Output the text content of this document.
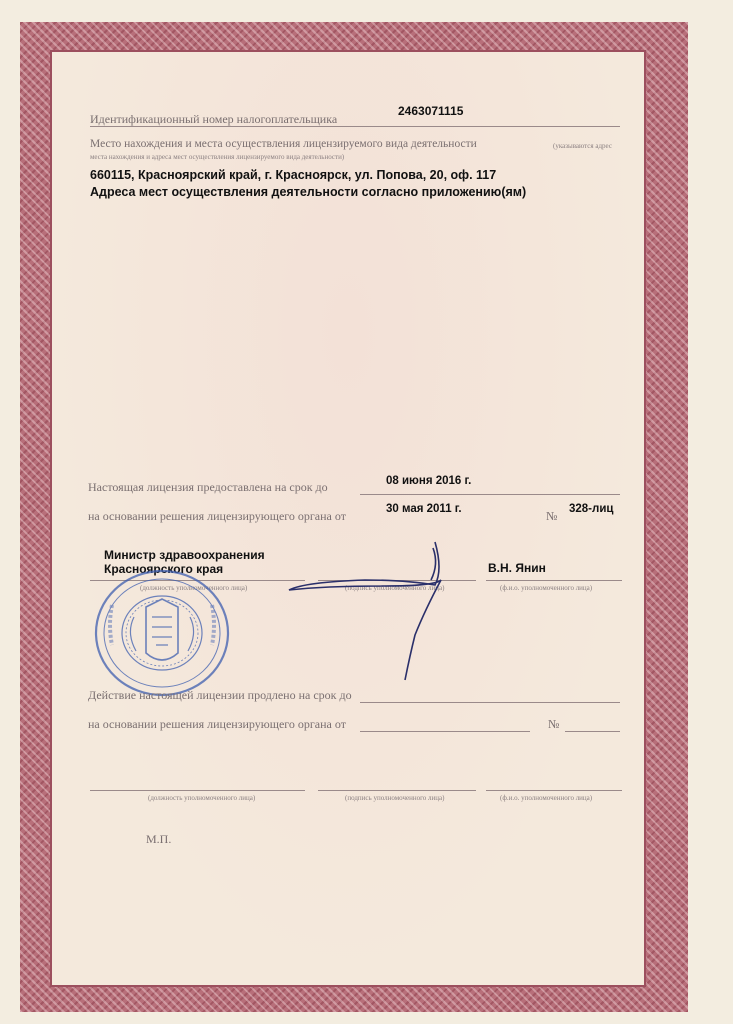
Идентификационный номер налогоплательщика
2463071115
Место нахождения и места осуществления лицензируемого вида деятельности	(указываются адрес
места нахождения и адреса мест осуществления лицензируемого вида деятельности)
660115, Красноярский край, г. Красноярск, ул. Попова, 20, оф. 117
Адреса мест осуществления деятельности согласно приложению(ям)
Настоящая лицензия предоставлена на срок до	08 июня 2016 г.
на основании решения лицензирующего органа от	30 мая 2011 г.	№ 328-лиц
Министр здравоохранения
Красноярского края	В.Н. Янин
(должность уполномоченного лица)	(подпись уполномоченного лица)	(ф.и.о. уполномоченного лица)
Действие настоящей лицензии продлено на срок до
на основании решения лицензирующего органа от	№
(должность уполномоченного лица)	(подпись уполномоченного лица)	(ф.и.о. уполномоченного лица)
М.П.
